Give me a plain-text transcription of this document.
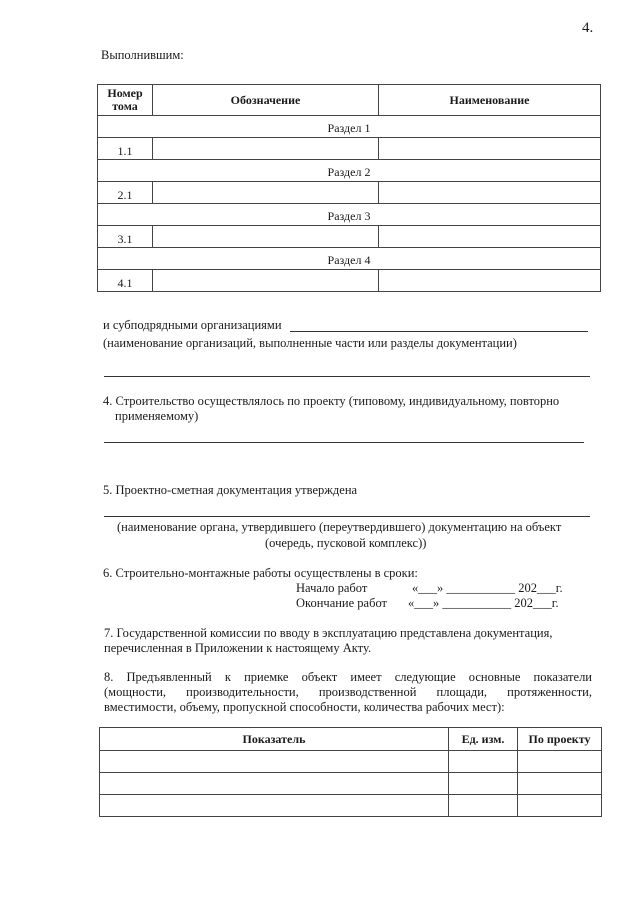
4.
Выполнившим:
Номер
тома	Обозначение	Наименование
Раздел 1		
1.1		
Раздел 2		
2.1		
Раздел 3		
3.1		
Раздел 4		
4.1		
и субподрядными организациями
(наименование организаций, выполненные части или разделы документации)
4. Строительство осуществлялось по проекту (типовому, индивидуальному, повторно
применяемому)
5. Проектно-сметная документация утверждена
(наименование органа, утвердившего (переутвердившего) документацию на объект
(очередь, пусковой комплекс))
6. Строительно-монтажные работы осуществлены в сроки:
Начало работ	«___» ___________ 202___г.
Окончание работ «___» ___________ 202___г.
7. Государственной комиссии по вводу в эксплуатацию представлена документация,
перечисленная в Приложении к настоящему Акту.
8. Предъявленный к приемке объект имеет следующие основные показатели
(мощности, производительности, производственной площади, протяженности,
вместимости, объему, пропускной способности, количества рабочих мест):
Показатель	Ед. изм.	По проекту
